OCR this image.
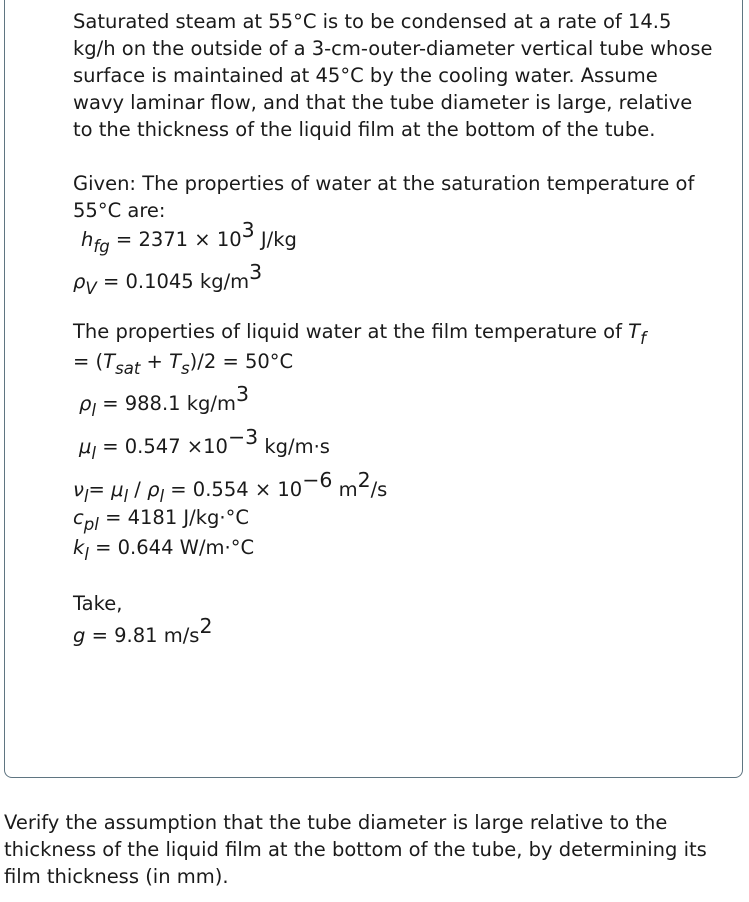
Saturated steam at 55°C is to be condensed at a rate of 14.5 kg/h on the outside of a 3-cm-outer-diameter vertical tube whose surface is maintained at 45°C by the cooling water. Assume wavy laminar flow, and that the tube diameter is large, relative to the thickness of the liquid film at the bottom of the tube.

Given: The properties of water at the saturation temperature of 55°C are:

$h_{fg} = 2371 \times 103$ J/kg
$\rho_V = 0.1045$ kg/m3
The properties of liquid water at the film temperature of $T_f$
= $(T_{sat} + T_s)/2 = 50^\circ C$
$\rho_l = 988.1$ kg/m3
$\mu_l = 0.547 \times 10-3$ kg/m·s
$\nu_l= \mu_l / \rho_l = 0.554 \times 10-6$ m2/s
$c_{pl} = 4181$ J/kg·°C
$k_l = 0.644$ W/m·°C
Take,
g = 9.81 m/s2

Verify the assumption that the tube diameter is large relative to the thickness of the liquid film at the bottom of the tube, by determining its film thickness (in mm).
